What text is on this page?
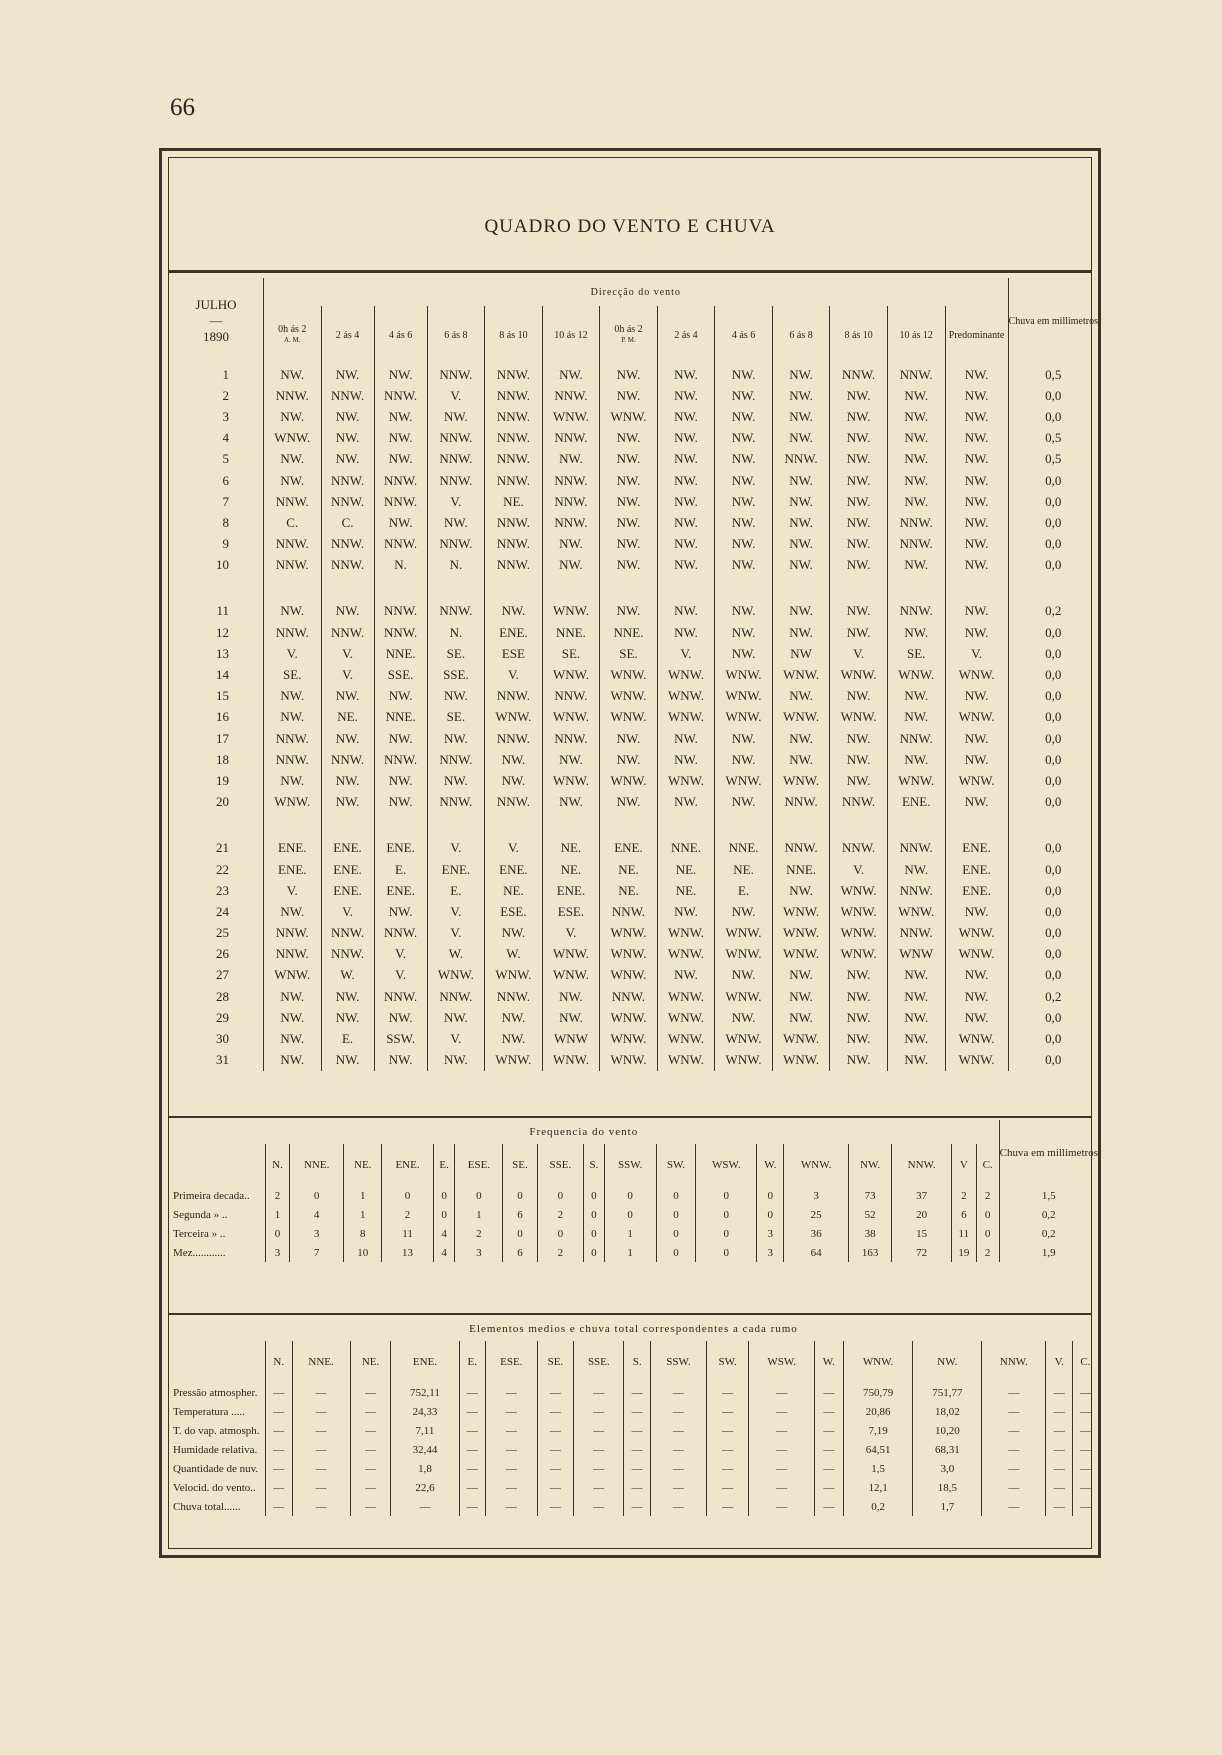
66
QUADRO DO VENTO E CHUVA
JULHO
—
1890	Direcção do vento													Chuva em millimetros
	0h ás 2
A. M.	2 ás 4	4 ás 6	6 ás 8	8 ás 10	10 ás 12	0h ás 2
P. M.	2 ás 4	4 ás 6	6 ás 8	8 ás 10	10 ás 12	Predominante	
1	NW.	NW.	NW.	NNW.	NNW.	NW.	NW.	NW.	NW.	NW.	NNW.	NNW.	NW.	0,5
2	NNW.	NNW.	NNW.	V.	NNW.	NNW.	NW.	NW.	NW.	NW.	NW.	NW.	NW.	0,0
3	NW.	NW.	NW.	NW.	NNW.	WNW.	WNW.	NW.	NW.	NW.	NW.	NW.	NW.	0,0
4	WNW.	NW.	NW.	NNW.	NNW.	NNW.	NW.	NW.	NW.	NW.	NW.	NW.	NW.	0,5
5	NW.	NW.	NW.	NNW.	NNW.	NW.	NW.	NW.	NW.	NNW.	NW.	NW.	NW.	0,5
6	NW.	NNW.	NNW.	NNW.	NNW.	NNW.	NW.	NW.	NW.	NW.	NW.	NW.	NW.	0,0
7	NNW.	NNW.	NNW.	V.	NE.	NNW.	NW.	NW.	NW.	NW.	NW.	NW.	NW.	0,0
8	C.	C.	NW.	NW.	NNW.	NNW.	NW.	NW.	NW.	NW.	NW.	NNW.	NW.	0,0
9	NNW.	NNW.	NNW.	NNW.	NNW.	NW.	NW.	NW.	NW.	NW.	NW.	NNW.	NW.	0,0
10	NNW.	NNW.	N.	N.	NNW.	NW.	NW.	NW.	NW.	NW.	NW.	NW.	NW.	0,0

11	NW.	NW.	NNW.	NNW.	NW.	WNW.	NW.	NW.	NW.	NW.	NW.	NNW.	NW.	0,2
12	NNW.	NNW.	NNW.	N.	ENE.	NNE.	NNE.	NW.	NW.	NW.	NW.	NW.	NW.	0,0
13	V.	V.	NNE.	SE.	ESE	SE.	SE.	V.	NW.	NW	V.	SE.	V.	0,0
14	SE.	V.	SSE.	SSE.	V.	WNW.	WNW.	WNW.	WNW.	WNW.	WNW.	WNW.	WNW.	0,0
15	NW.	NW.	NW.	NW.	NNW.	NNW.	WNW.	WNW.	WNW.	NW.	NW.	NW.	NW.	0,0
16	NW.	NE.	NNE.	SE.	WNW.	WNW.	WNW.	WNW.	WNW.	WNW.	WNW.	NW.	WNW.	0,0
17	NNW.	NW.	NW.	NW.	NNW.	NNW.	NW.	NW.	NW.	NW.	NW.	NNW.	NW.	0,0
18	NNW.	NNW.	NNW.	NNW.	NW.	NW.	NW.	NW.	NW.	NW.	NW.	NW.	NW.	0,0
19	NW.	NW.	NW.	NW.	NW.	WNW.	WNW.	WNW.	WNW.	WNW.	NW.	WNW.	WNW.	0,0
20	WNW.	NW.	NW.	NNW.	NNW.	NW.	NW.	NW.	NW.	NNW.	NNW.	ENE.	NW.	0,0

21	ENE.	ENE.	ENE.	V.	V.	NE.	ENE.	NNE.	NNE.	NNW.	NNW.	NNW.	ENE.	0,0
22	ENE.	ENE.	E.	ENE.	ENE.	NE.	NE.	NE.	NE.	NNE.	V.	NW.	ENE.	0,0
23	V.	ENE.	ENE.	E.	NE.	ENE.	NE.	NE.	E.	NW.	WNW.	NNW.	ENE.	0,0
24	NW.	V.	NW.	V.	ESE.	ESE.	NNW.	NW.	NW.	WNW.	WNW.	WNW.	NW.	0,0
25	NNW.	NNW.	NNW.	V.	NW.	V.	WNW.	WNW.	WNW.	WNW.	WNW.	NNW.	WNW.	0,0
26	NNW.	NNW.	V.	W.	W.	WNW.	WNW.	WNW.	WNW.	WNW.	WNW.	WNW	WNW.	0,0
27	WNW.	W.	V.	WNW.	WNW.	WNW.	WNW.	NW.	NW.	NW.	NW.	NW.	NW.	0,0
28	NW.	NW.	NNW.	NNW.	NNW.	NW.	NNW.	WNW.	WNW.	NW.	NW.	NW.	NW.	0,2
29	NW.	NW.	NW.	NW.	NW.	NW.	WNW.	WNW.	NW.	NW.	NW.	NW.	NW.	0,0
30	NW.	E.	SSW.	V.	NW.	WNW	WNW.	WNW.	WNW.	WNW.	NW.	NW.	WNW.	0,0
31	NW.	NW.	NW.	NW.	WNW.	WNW.	WNW.	WNW.	WNW.	WNW.	NW.	NW.	WNW.	0,0
Frequencia do vento																			Chuva em millimetros
	N.	NNE.	NE.	ENE.	E.	ESE.	SE.	SSE.	S.	SSW.	SW.	WSW.	W.	WNW.	NW.	NNW.	V	C.	
Primeira decada..	2	0	1	0	0	0	0	0	0	0	0	0	0	3	73	37	2	2	1,5
Segunda » ..	1	4	1	2	0	1	6	2	0	0	0	0	0	25	52	20	6	0	0,2
Terceira » ..	0	3	8	11	4	2	0	0	0	1	0	0	3	36	38	15	11	0	0,2
Mez............	3	7	10	13	4	3	6	2	0	1	0	0	3	64	163	72	19	2	1,9
Elementos medios e chuva total correspondentes a cada rumo																		
	N.	NNE.	NE.	ENE.	E.	ESE.	SE.	SSE.	S.	SSW.	SW.	WSW.	W.	WNW.	NW.	NNW.	V.	C.
Pressão atmospher.	—	—	—	752,11	—	—	—	—	—	—	—	—	—	750,79	751,77	—	—	—
Temperatura .....	—	—	—	24,33	—	—	—	—	—	—	—	—	—	20,86	18,02	—	—	—
T. do vap. atmosph.	—	—	—	7,11	—	—	—	—	—	—	—	—	—	7,19	10,20	—	—	—
Humidade relativa.	—	—	—	32,44	—	—	—	—	—	—	—	—	—	64,51	68,31	—	—	—
Quantidade de nuv.	—	—	—	1,8	—	—	—	—	—	—	—	—	—	1,5	3,0	—	—	—
Velocid. do vento..	—	—	—	22,6	—	—	—	—	—	—	—	—	—	12,1	18,5	—	—	—
Chuva total......	—	—	—	—	—	—	—	—	—	—	—	—	—	0,2	1,7	—	—	—
